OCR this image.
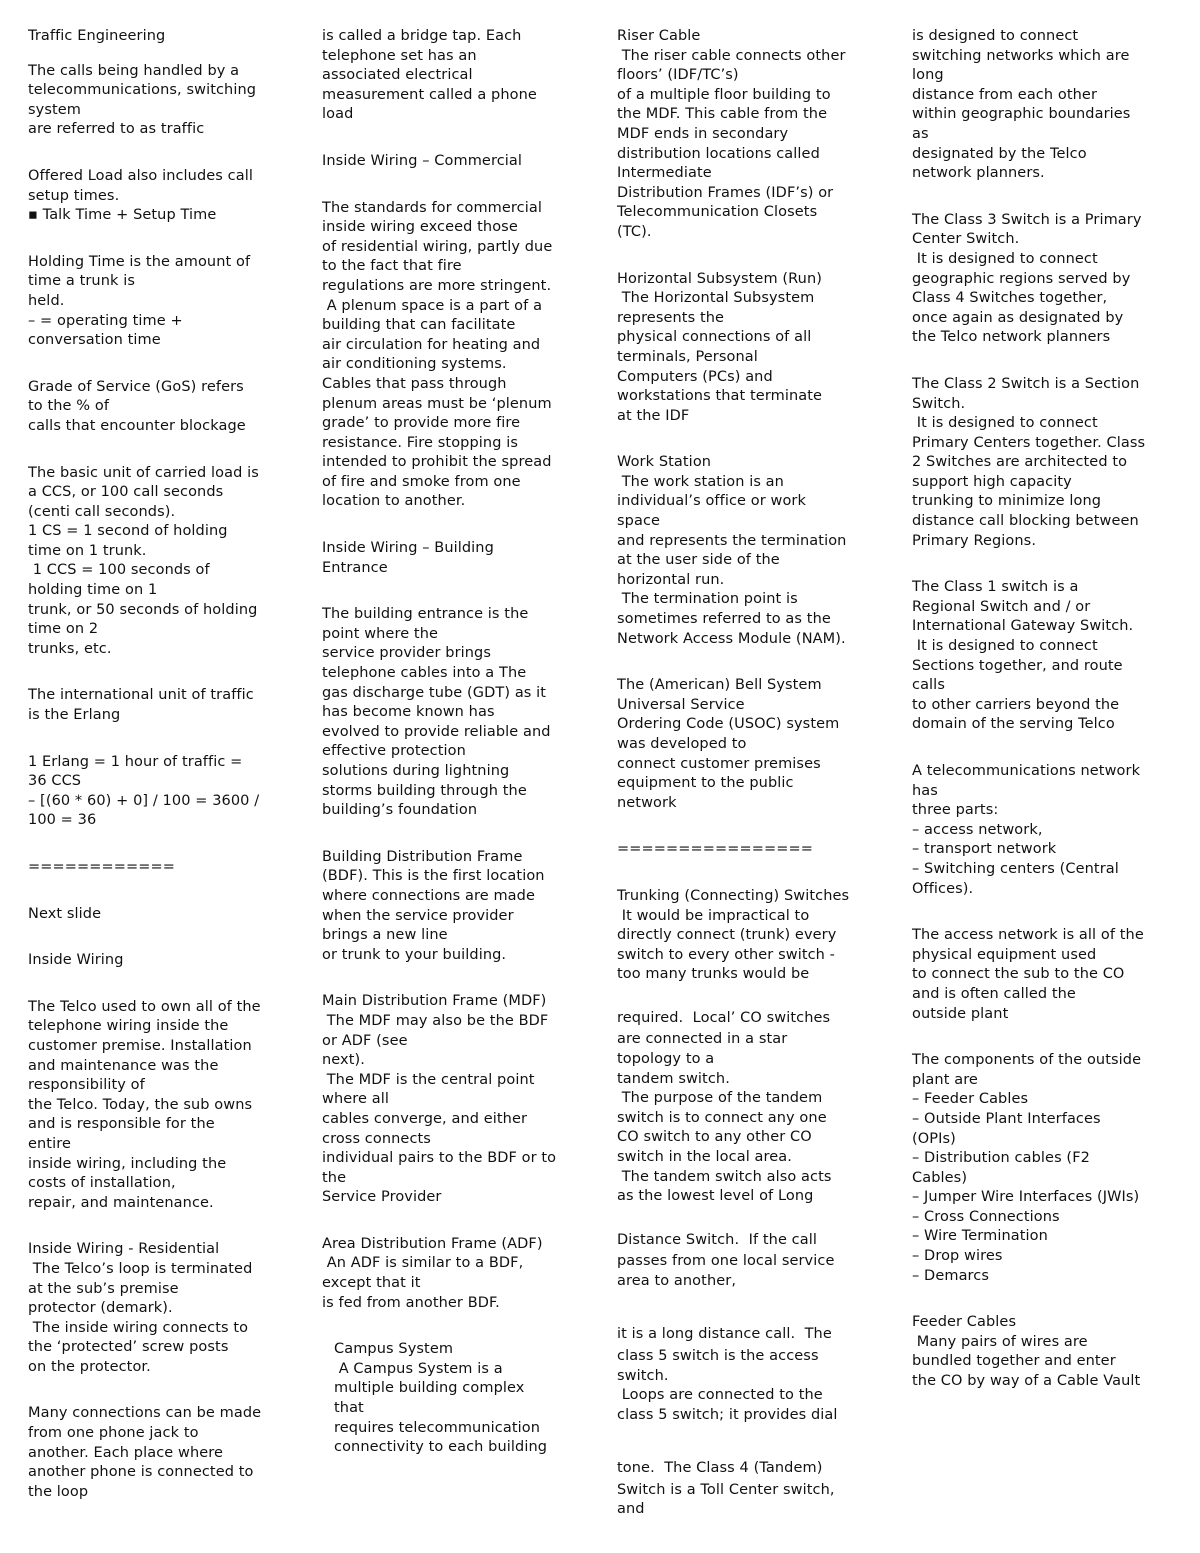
Traffic Engineering
The calls being handled by a
telecommunications, switching
system
are referred to as traffic
Offered Load also includes call
setup times.
▪ Talk Time + Setup Time
Holding Time is the amount of
time a trunk is
held.
– = operating time +
conversation time
Grade of Service (GoS) refers
to the % of
calls that encounter blockage
The basic unit of carried load is
a CCS, or 100 call seconds
(centi call seconds).
1 CS = 1 second of holding
time on 1 trunk.
1 CCS = 100 seconds of
holding time on 1
trunk, or 50 seconds of holding
time on 2
trunks, etc.
The international unit of traffic
is the Erlang
1 Erlang = 1 hour of traffic =
36 CCS
– [(60 * 60) + 0] / 100 = 3600 /
100 = 36
============
Next slide
Inside Wiring
The Telco used to own all of the
telephone wiring inside the
customer premise. Installation
and maintenance was the
responsibility of
the Telco. Today, the sub owns
and is responsible for the
entire
inside wiring, including the
costs of installation,
repair, and maintenance.
Inside Wiring - Residential
The Telco’s loop is terminated
at the sub’s premise
protector (demark).
The inside wiring connects to
the ‘protected’ screw posts
on the protector.
Many connections can be made
from one phone jack to
another. Each place where
another phone is connected to
the loop
is called a bridge tap. Each
telephone set has an
associated electrical
measurement called a phone
load
Inside Wiring – Commercial
The standards for commercial
inside wiring exceed those
of residential wiring, partly due
to the fact that fire
regulations are more stringent.
A plenum space is a part of a
building that can facilitate
air circulation for heating and
air conditioning systems.
Cables that pass through
plenum areas must be ‘plenum
grade’ to provide more fire
resistance. Fire stopping is
intended to prohibit the spread
of fire and smoke from one
location to another.
Inside Wiring – Building
Entrance
The building entrance is the
point where the
service provider brings
telephone cables into a The
gas discharge tube (GDT) as it
has become known has
evolved to provide reliable and
effective protection
solutions during lightning
storms building through the
building’s foundation
Building Distribution Frame
(BDF). This is the first location
where connections are made
when the service provider
brings a new line
or trunk to your building.
Main Distribution Frame (MDF)
The MDF may also be the BDF
or ADF (see
next).
The MDF is the central point
where all
cables converge, and either
cross connects
individual pairs to the BDF or to
the
Service Provider
Area Distribution Frame (ADF)
An ADF is similar to a BDF,
except that it
is fed from another BDF.
Campus System
A Campus System is a
multiple building complex
that
requires telecommunication
connectivity to each building
Riser Cable
The riser cable connects other
floors’ (IDF/TC’s)
of a multiple floor building to
the MDF. This cable from the
MDF ends in secondary
distribution locations called
Intermediate
Distribution Frames (IDF’s) or
Telecommunication Closets
(TC).
Horizontal Subsystem (Run)
The Horizontal Subsystem
represents the
physical connections of all
terminals, Personal
Computers (PCs) and
workstations that terminate
at the IDF
Work Station
The work station is an
individual’s office or work
space
and represents the termination
at the user side of the
horizontal run.
The termination point is
sometimes referred to as the
Network Access Module (NAM).
The (American) Bell System
Universal Service
Ordering Code (USOC) system
was developed to
connect customer premises
equipment to the public
network
================
Trunking (Connecting) Switches
It would be impractical to
directly connect (trunk) every
switch to every other switch -
too many trunks would be
required.  Local’ CO switches
are connected in a star
topology to a
tandem switch.
The purpose of the tandem
switch is to connect any one
CO switch to any other CO
switch in the local area.
The tandem switch also acts
as the lowest level of Long
Distance Switch.  If the call
passes from one local service
area to another,
it is a long distance call.  The
class 5 switch is the access
switch.
Loops are connected to the
class 5 switch; it provides dial
tone.  The Class 4 (Tandem)
Switch is a Toll Center switch,
and
is designed to connect
switching networks which are
long
distance from each other
within geographic boundaries
as
designated by the Telco
network planners.
The Class 3 Switch is a Primary
Center Switch.
It is designed to connect
geographic regions served by
Class 4 Switches together,
once again as designated by
the Telco network planners
The Class 2 Switch is a Section
Switch.
It is designed to connect
Primary Centers together. Class
2 Switches are architected to
support high capacity
trunking to minimize long
distance call blocking between
Primary Regions.
The Class 1 switch is a
Regional Switch and / or
International Gateway Switch.
It is designed to connect
Sections together, and route
calls
to other carriers beyond the
domain of the serving Telco
A telecommunications network
has
three parts:
– access network,
– transport network
– Switching centers (Central
Offices).
The access network is all of the
physical equipment used
to connect the sub to the CO
and is often called the
outside plant
The components of the outside
plant are
– Feeder Cables
– Outside Plant Interfaces
(OPIs)
– Distribution cables (F2
Cables)
– Jumper Wire Interfaces (JWIs)
– Cross Connections
– Wire Termination
– Drop wires
– Demarcs
Feeder Cables
Many pairs of wires are
bundled together and enter
the CO by way of a Cable Vault
